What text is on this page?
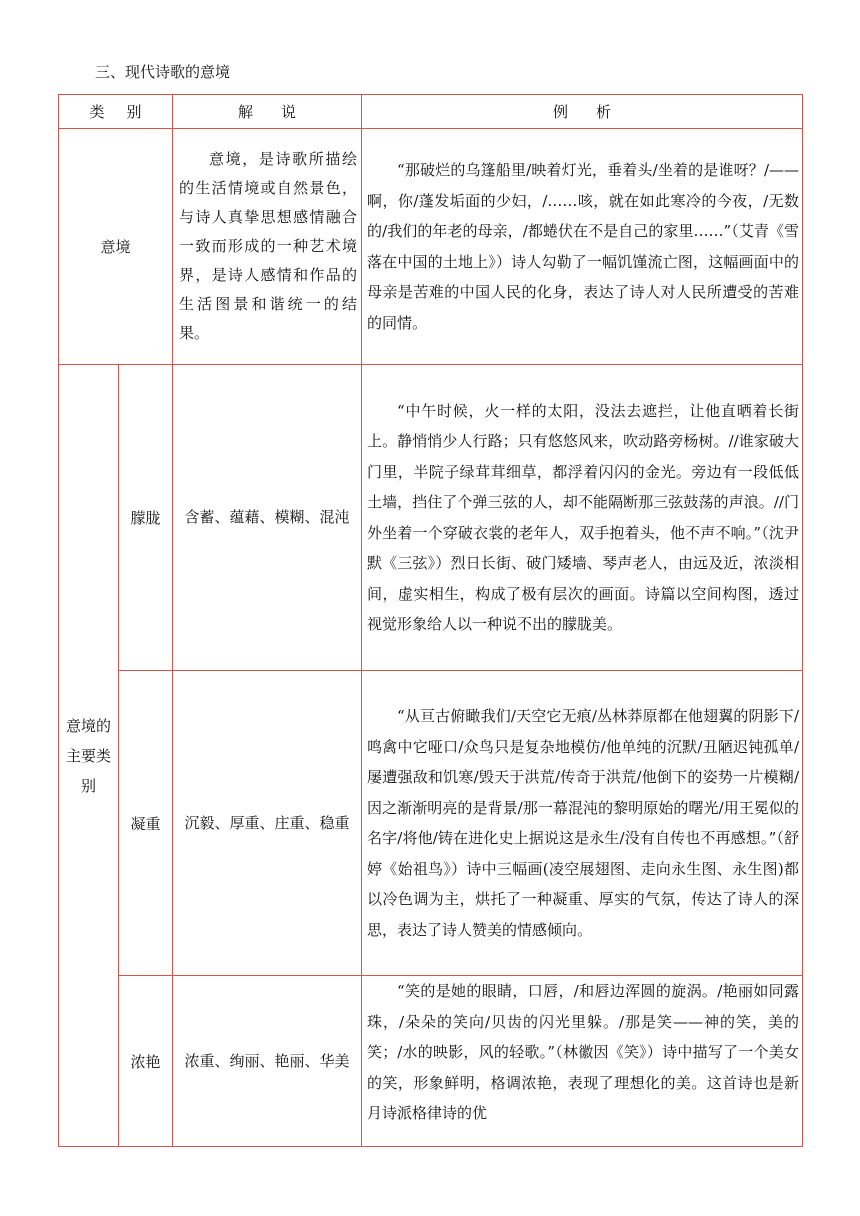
三、现代诗歌的意境
类别		解说	例析
意境		意境，是诗歌所描绘的生活情境或自然景色，与诗人真挚思想感情融合一致而形成的一种艺术境界，是诗人感情和作品的生活图景和谐统一的结果。	“那破烂的乌篷船里/映着灯光，垂着头/坐着的是谁呀？/——啊，你/蓬发垢面的少妇，/……咳，就在如此寒冷的今夜，/无数的/我们的年老的母亲，/都蜷伏在不是自己的家里……”（艾青《雪落在中国的土地上》）诗人勾勒了一幅饥馑流亡图，这幅画面中的母亲是苦难的中国人民的化身，表达了诗人对人民所遭受的苦难的同情。

意境的主要类别	朦胧	含蓄、蕴藉、模糊、混沌	“中午时候，火一样的太阳，没法去遮拦，让他直晒着长街上。静悄悄少人行路；只有悠悠风来，吹动路旁杨树。//谁家破大门里，半院子绿茸茸细草，都浮着闪闪的金光。旁边有一段低低土墙，挡住了个弹三弦的人，却不能隔断那三弦鼓荡的声浪。//门外坐着一个穿破衣裳的老年人，双手抱着头，他不声不响。”（沈尹默《三弦》）烈日长街、破门矮墙、琴声老人，由远及近，浓淡相间，虚实相生，构成了极有层次的画面。诗篇以空间构图，透过视觉形象给人以一种说不出的朦胧美。

	凝重	沉毅、厚重、庄重、稳重	“从亘古俯瞰我们/天空它无痕/丛林莽原都在他翅翼的阴影下/鸣禽中它哑口/众鸟只是复杂地模仿/他单纯的沉默/丑陋迟钝孤单/屡遭强敌和饥寒/毁天于洪荒/传奇于洪荒/他倒下的姿势一片模糊/因之渐渐明亮的是背景/那一幕混沌的黎明原始的曙光/用王冕似的名字/将他/铸在进化史上据说这是永生/没有自传也不再感想。”（舒婷《始祖鸟》）诗中三幅画(凌空展翅图、走向永生图、永生图)都以冷色调为主，烘托了一种凝重、厚实的气氛，传达了诗人的深思，表达了诗人赞美的情感倾向。

	浓艳	浓重、绚丽、艳丽、华美	“笑的是她的眼睛，口唇，/和唇边浑圆的旋涡。/艳丽如同露珠，/朵朵的笑向/贝齿的闪光里躲。/那是笑——神的笑，美的笑；/水的映影，风的轻歌。”（林徽因《笑》）诗中描写了一个美女的笑，形象鲜明，格调浓艳，表现了理想化的美。这首诗也是新月诗派格律诗的优
